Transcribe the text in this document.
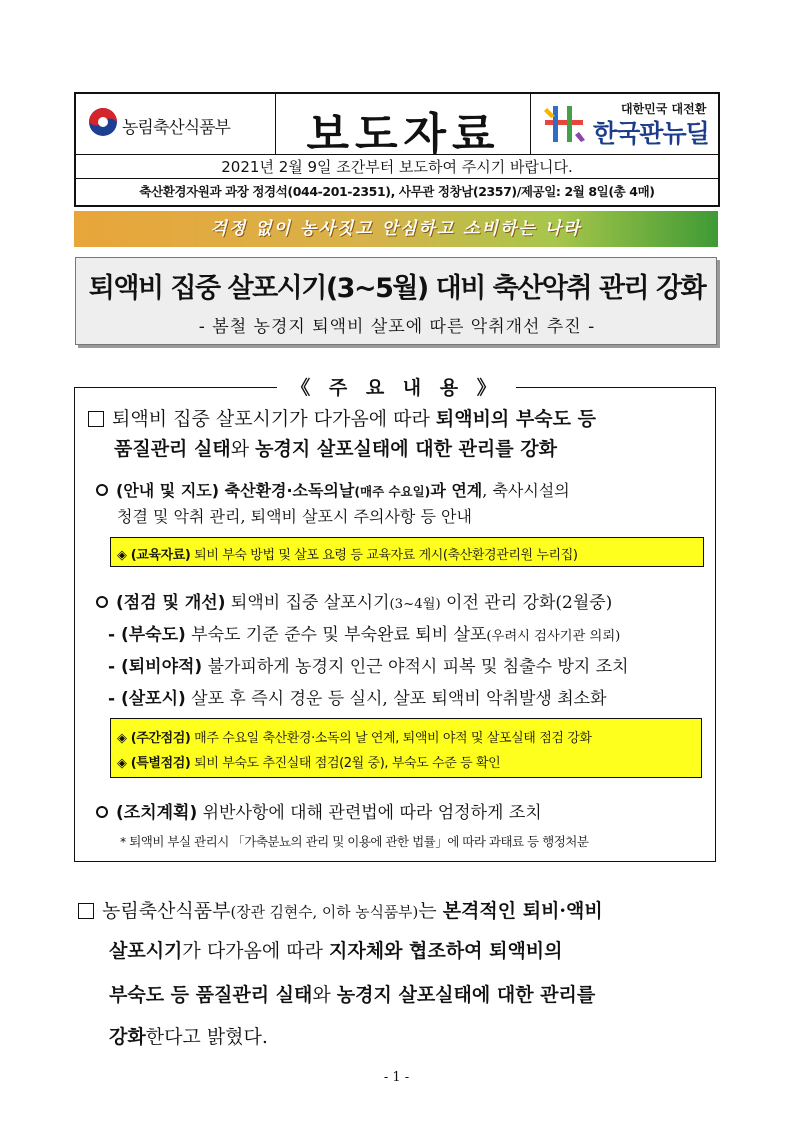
농림축산식품부	보도자료	대한민국 대전환
한국판뉴딜
2021년 2월 9일 조간부터 보도하여 주시기 바랍니다.
축산환경자원과 과장 정경석(044-201-2351), 사무관 정창남(2357)/제공일: 2월 8일(총 4매)
걱정 없이 농사짓고 안심하고 소비하는 나라
퇴액비 집중 살포시기(3~5월) 대비 축산악취 관리 강화
- 봄철 농경지 퇴액비 살포에 따른 악취개선 추진 -
《 주 요 내 용 》
퇴액비 집중 살포시기가 다가옴에 따라 퇴액비의 부숙도 등
품질관리 실태와 농경지 살포실태에 대한 관리를 강화
(안내 및 지도) 축산환경·소독의날(매주 수요일)과 연계, 축사시설의
청결 및 악취 관리, 퇴액비 살포시 주의사항 등 안내
◈ (교육자료) 퇴비 부숙 방법 및 살포 요령 등 교육자료 게시(축산환경관리원 누리집)
(점검 및 개선) 퇴액비 집중 살포시기(3~4월) 이전 관리 강화(2월중)
- (부숙도) 부숙도 기준 준수 및 부숙완료 퇴비 살포(우려시 검사기관 의뢰)
- (퇴비야적) 불가피하게 농경지 인근 야적시 피복 및 침출수 방지 조치
- (살포시) 살포 후 즉시 경운 등 실시, 살포 퇴액비 악취발생 최소화
◈ (주간점검) 매주 수요일 축산환경·소독의 날 연계, 퇴액비 야적 및 살포실태 점검 강화
◈ (특별점검) 퇴비 부숙도 추진실태 점검(2월 중), 부숙도 수준 등 확인
(조치계획) 위반사항에 대해 관련법에 따라 엄정하게 조치
* 퇴액비 부실 관리시 「가축분뇨의 관리 및 이용에 관한 법률」에 따라 과태료 등 행정처분
농림축산식품부(장관 김현수, 이하 농식품부)는 본격적인 퇴비·액비
살포시기가 다가옴에 따라 지자체와 협조하여 퇴액비의
부숙도 등 품질관리 실태와 농경지 살포실태에 대한 관리를
강화한다고 밝혔다.
- 1 -
